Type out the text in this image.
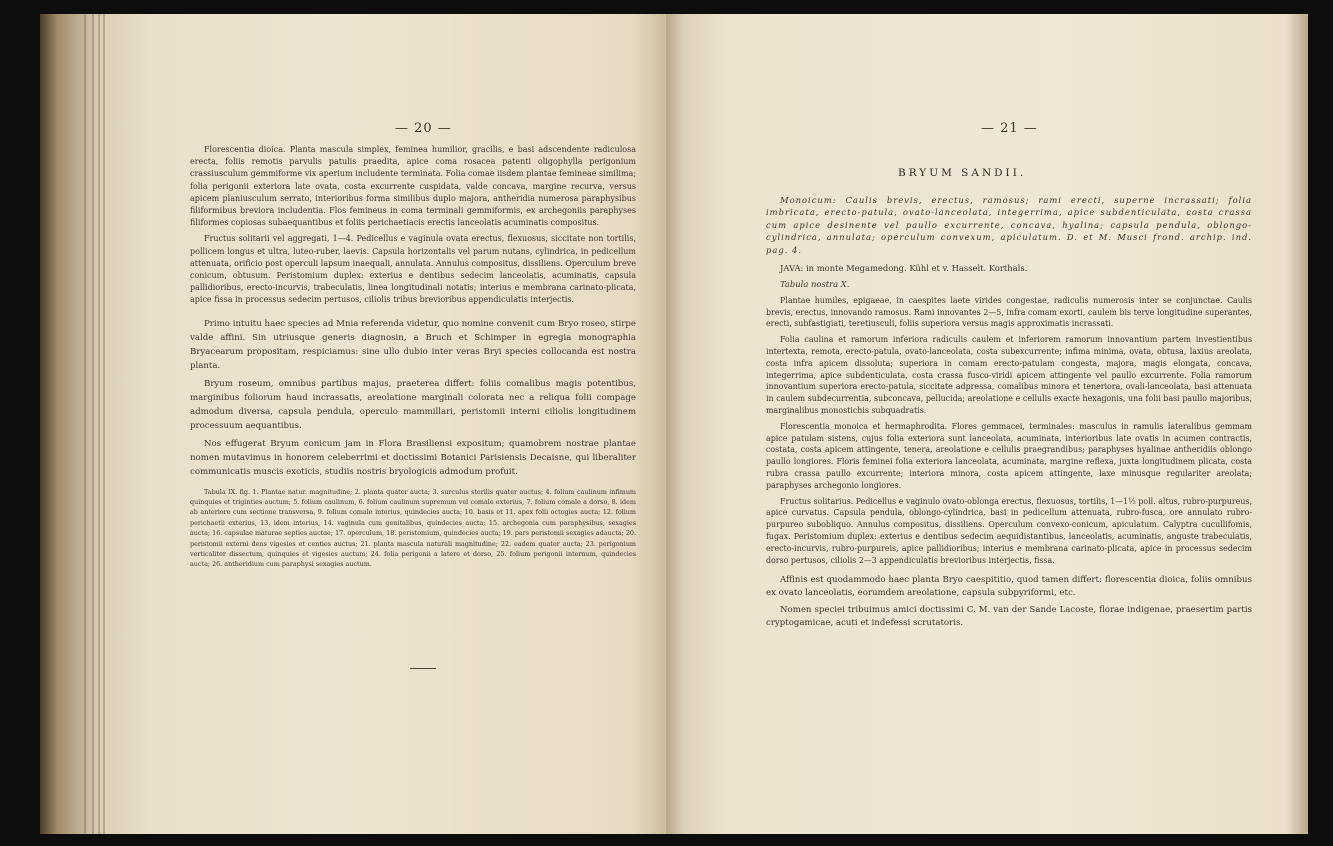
— 20 —

Florescentia dioica. Planta mascula simplex, feminea humilior, gracilis, e basi adscendente radiculosa erecta, foliis remotis parvulis patulis praedita, apice coma rosacea patenti oligophylla perigonium crassiusculum gemmiforme vix aperium includente terminata. Folia comae iisdem plantae femineae similima; folia perigonii exteriora late ovata, costa excurrente cuspidata, valde concava, margine recurva, versus apicem planiusculum serrato, interioribus forma similibus duplo majora, antheridia numerosa paraphysibus filiformibus breviora includentia. Flos femineus in coma terminali gemmiformis, ex archegoniis paraphyses filiformes copiosas subaequantibus et foliis perichaetiacis erectis lanceolatis acuminatis compositus.

Fructus solitarii vel aggregati, 1—4. Pedicellus e vaginula ovata erectus, flexuosus, siccitate non tortilis, pollicem longus et ultra, luteo-ruber, laevis. Capsula horizontalis vel parum nutans, cylindrica, in pedicellum attenuata, orificio post operculi lapsum inaequali, annulata. Annulus compositus, dissiliens. Operculum breve conicum, obtusum. Peristomium duplex: exterius e dentibus sedecim lanceolatis, acuminatis, capsula pallidioribus, erecto-incurvis, trabeculatis, linea longitudinali notatis; interius e membrana carinato-plicata, apice fissa in processus sedecim pertusos, ciliolis tribus brevioribus appendiculatis interjectis.

Primo intuitu haec species ad Mnia referenda videtur, quo nomine convenit cum Bryo roseo, stirpe valde affini. Sin utriusque generis diagnosin, a Bruch et Schimper in egregia monographia Bryacearum propositam, respiciamus: sine ullo dubio inter veras Bryi species collocanda est nostra planta.

Bryum roseum, omnibus partibus majus, praeterea differt: foliis comalibus magis potentibus, marginibus foliorum haud incrassatis, areolatione marginali colorata nec a reliqua folii compage admodum diversa, capsula pendula, operculo mammillari, peristomii interni ciliolis longitudinem processuum aequantibus.

Nos effugerat Bryum conicum jam in Flora Brasiliensi expositum; quamobrem nostrae plantae nomen mutavimus in honorem celeberrimi et doctissimi Botanici Parisiensis Decaisne, qui liberaliter communicatis muscis exoticis, studiis nostris bryologicis admodum profuit.

Tabula IX. fig. 1. Plantae natur. magnitudine; 2. planta quater aucta; 3. surculus sterilis quater auctus; 4. folium caulinum infimum quinquies et triginties auctum; 5. folium caulinum, 6. folium caulinum supremum vel comale exterius, 7. folium comale a dorso, 8. idem ab anteriore cum sectione transversa, 9. folium comale interius, quindecies aucta; 10. basis et 11. apex folii octogies aucta; 12. folium perichaetii exterius, 13. idem interius, 14. vaginula cum genitalibus, quindecies aucta; 15. archegonia cum paraphysibus, sexagies aucta; 16. capsulae maturae septies auctae; 17. operculum, 18. peristomium, quindecies aucta; 19. pars peristomii sexagies adaucta; 20. peristomii externi dens vigesies et centies auctus; 21. planta mascula naturali magnitudine; 22. eadem quater aucta; 23. perigonium verticaliter dissectum, quinquies et vigesies auctum; 24. folia perigonii a latere et dorso, 25. folium perigonii internum, quindecies aucta; 26. antheridium cum paraphysi sexagies auctum.

— 21 —
BRYUM SANDII.

Monoicum: Caulis brevis, erectus, ramosus; rami erecti, superne incrassati; folia imbricata, erecto-patula, ovato-lanceolata, integerrima, apice subdenticulata, costa crassa cum apice desinente vel paullo excurrente, concava, hyalina; capsula pendula, oblongo-cylindrica, annulata; operculum convexum, apiculatum. D. et M. Musci frond. archip. ind. pag. 4.

JAVA: in monte Megamedong. Kühl et v. Hasselt. Korthals.

Tabula nostra X.

Plantae humiles, epigaeae, in caespites laete virides congestae, radiculis numerosis inter se conjunctae. Caulis brevis, erectus, innovando ramosus. Rami innovantes 2—5, infra comam exorti, caulem bis terve longitudine superantes, erecti, subfastigiati, teretiusculi, foliis superiora versus magis approximatis incrassati.

Folia caulina et ramorum inferiora radiculis caulem et inferiorem ramorum innovantium partem investientibus intertexta, remota, erecto-patula, ovato-lanceolata, costa subexcurrente; infima minima, ovata, obtusa, laxius areolata, costa infra apicem dissoluta; superiora in comam erecto-patulam congesta, majora, magis elongata, concava, integerrima, apice subdenticulata, costa crassa fusco-viridi apicem attingente vel paullo excurrente. Folia ramorum innovantium superiora erecto-patula, siccitate adpressa, comalibus minora et teneriora, ovali-lanceolata, basi attenuata in caulem subdecurrentia, subconcava, pellucida; areolatione e cellulis exacte hexagonis, una folii basi paullo majoribus, marginalibus monostichis subquadratis.

Florescentia monoica et hermaphrodita. Flores gemmacei, terminales: masculus in ramulis lateralibus gemmam apice patulam sistens, cujus folia exteriora sunt lanceolata, acuminata, interioribus late ovatis in acumen contractis, costata, costa apicem attingente, tenera, areolatione e cellulis praegrandibus; paraphyses hyalinae antheridiis oblongo paullo longiores. Floris feminei folia exteriora lanceolata, acuminata, margine reflexa, juxta longitudinem plicata, costa rubra crassa paullo excurrente; interiora minora, costa apicem attingente, laxe minusque regulariter areolata; paraphyses archegonio longiores.

Fructus solitarius. Pedicellus e vaginulo ovato-oblonga erectus, flexuosus, tortilis, 1—1½ poll. altus, rubro-purpureus, apice curvatus. Capsula pendula, oblongo-cylindrica, basi in pedicellum attenuata, rubro-fusca, ore annulato rubro-purpureo subobliquo. Annulus compositus, dissiliens. Operculum convexo-conicum, apiculatum. Calyptra cucullifomis, fugax. Peristomium duplex: exterius e dentibus sedecim aequidistantibus, lanceolatis, acuminatis, anguste trabeculatis, erecto-incurvis, rubro-purpureis, apice pallidioribus; interius e membrana carinato-plicata, apice in processus sedecim dorso pertusos, ciliolis 2—3 appendiculatis brevioribus interjectis, fissa.

Affinis est quodammodo haec planta Bryo caespititio, quod tamen differt: florescentia dioica, foliis omnibus ex ovato lanceolatis, eorumdem areolatione, capsula subpyriformi, etc.

Nomen speciei tribuimus amici doctissimi C. M. van der Sande Lacoste, florae indigenae, praesertim partis cryptogamicae, acuti et indefessi scrutatoris.
